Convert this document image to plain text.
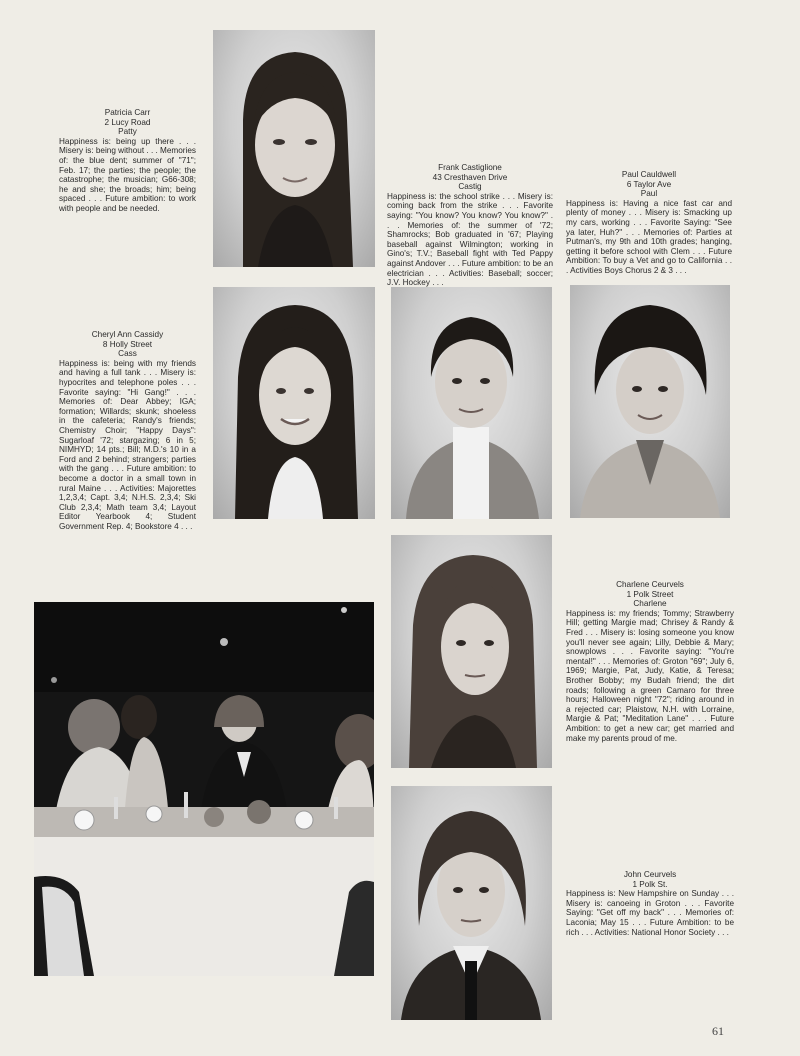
Patricia Carr
2 Lucy Road
Patty
Happiness is: being up there . . . Misery is: being without . . . Memories of: the blue dent; summer of "71"; Feb. 17; the parties; the people; the catastrophe; the musician; G66-308; he and she; the broads; him; being spaced . . . Future ambition: to work with people and be needed.
Frank Castiglione
43 Cresthaven Drive
Castig
Happiness is: the school strike . . . Misery is: coming back from the strike . . . Favorite saying: "You know? You know? You know?" . . . Memories of: the summer of '72; Shamrocks; Bob graduated in '67; Playing baseball against Wilmington; working in Gino's; T.V.; Baseball fight with Ted Pappy against Andover . . . Future ambition: to be an electrician . . . Activities: Baseball; soccer; J.V. Hockey . . .
Paul Cauldwell
6 Taylor Ave
Paul
Happiness is: Having a nice fast car and plenty of money . . . Misery is: Smacking up my cars, working . . . Favorite Saying: "See ya later, Huh?" . . . Memories of: Parties at Putman's, my 9th and 10th grades; hanging, getting it before school with Clem . . . Future Ambition: To buy a Vet and go to California . . . Activities Boys Chorus 2 & 3 . . .
Cheryl Ann Cassidy
8 Holly Street
Cass
Happiness is: being with my friends and having a full tank . . . Misery is: hypocrites and telephone poles . . . Favorite saying: "Hi Gang!" . . . Memories of: Dear Abbey; IGA; formation; Willards; skunk; shoeless in the cafeteria; Randy's friends; Chemistry Choir; "Happy Days": Sugarloaf '72; stargazing; 6 in 5; NIMHYD; 14 pts.; Bill; M.D.'s 10 in a Ford and 2 behind; strangers; parties with the gang . . . Future ambition: to become a doctor in a small town in rural Maine . . . Activities: Majorettes 1,2,3,4; Capt. 3,4; N.H.S. 2,3,4; Ski Club 2,3,4; Math team 3,4; Layout Editor Yearbook 4; Student Government Rep. 4; Bookstore 4 . . .
Charlene Ceurvels
1 Polk Street
Charlene
Happiness is: my friends; Tommy; Strawberry Hill; getting Margie mad; Chrisey & Randy & Fred . . . Misery is: losing someone you know you'll never see again; Lilly, Debbie & Mary; snowplows . . . Favorite saying: "You're mental!" . . . Memories of: Groton "69"; July 6, 1969; Margie, Pat, Judy, Katie, & Teresa; Brother Bobby; my Budah friend; the dirt roads; following a green Camaro for three hours; Halloween night "72"; riding around in a rejected car; Plaistow, N.H. with Lorraine, Margie & Pat; "Meditation Lane" . . . Future Ambition: to get a new car; get married and make my parents proud of me.
John Ceurvels
1 Polk St.
Happiness is: New Hampshire on Sunday . . . Misery is: canoeing in Groton . . . Favorite Saying: "Get off my back" . . . Memories of: Laconia; May 15 . . . Future Ambition: to be rich . . . Activities: National Honor Society . . .
61
